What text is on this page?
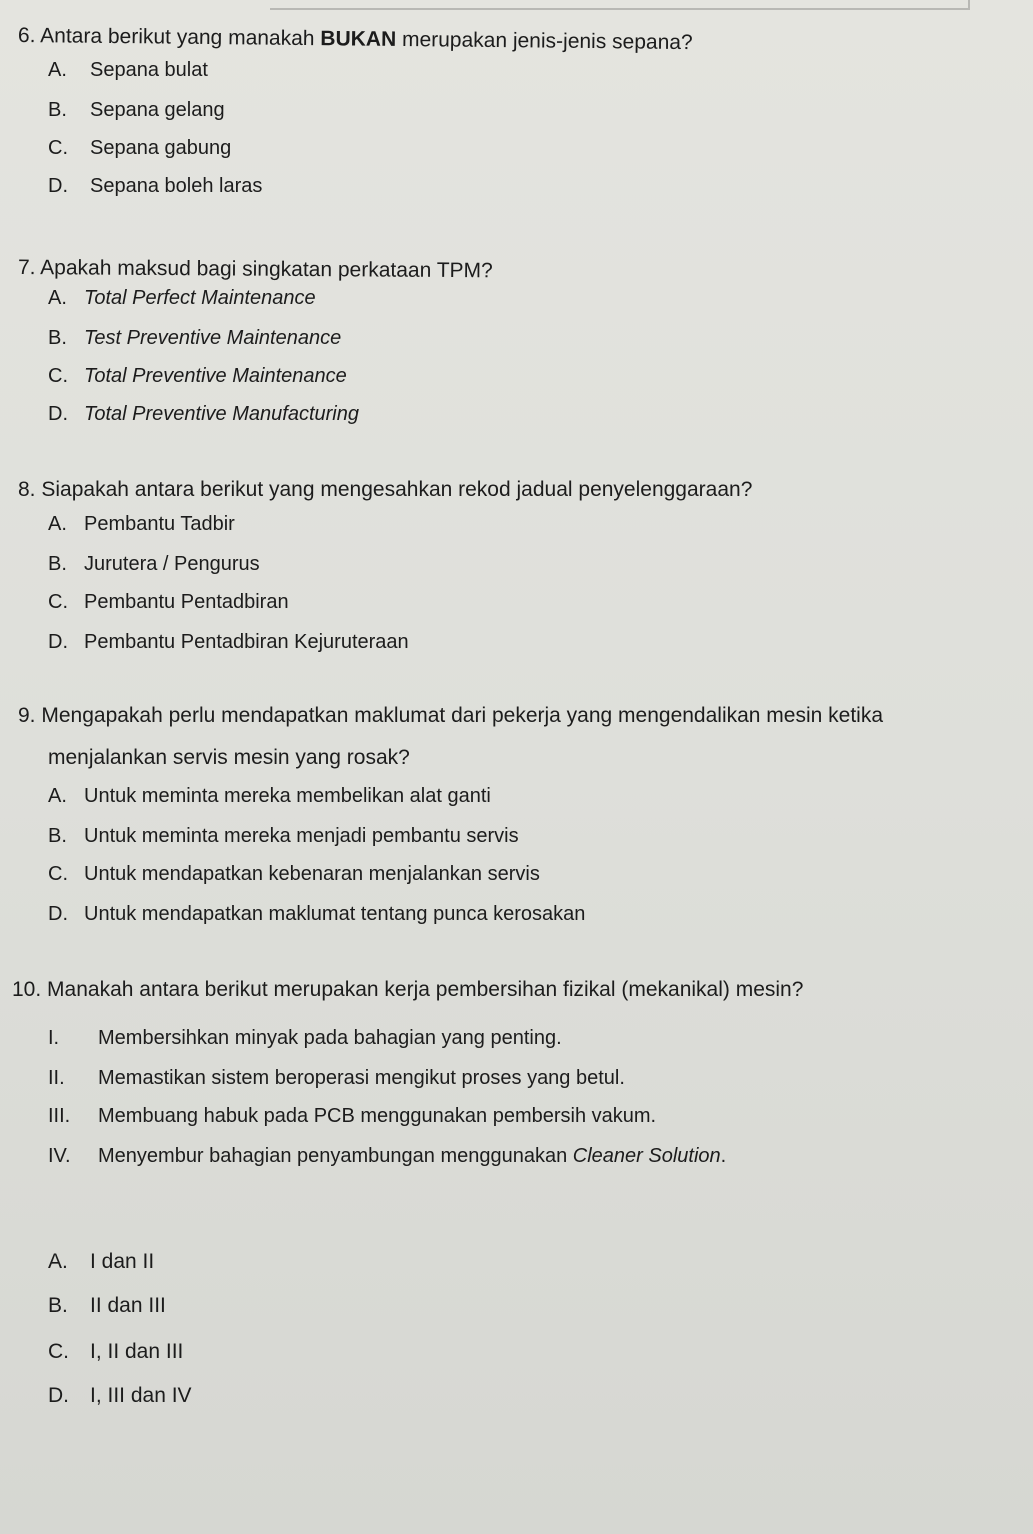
6. Antara berikut yang manakah BUKAN merupakan jenis-jenis sepana?

A. Sepana bulat
B. Sepana gelang
C. Sepana gabung
D. Sepana boleh laras

7. Apakah maksud bagi singkatan perkataan TPM?

A. Total Perfect Maintenance
B. Test Preventive Maintenance
C. Total Preventive Maintenance
D. Total Preventive Manufacturing

8. Siapakah antara berikut yang mengesahkan rekod jadual penyelenggaraan?

A. Pembantu Tadbir
B. Jurutera / Pengurus
C. Pembantu Pentadbiran
D. Pembantu Pentadbiran Kejuruteraan

9. Mengapakah perlu mendapatkan maklumat dari pekerja yang mengendalikan mesin ketika

menjalankan servis mesin yang rosak?

A. Untuk meminta mereka membelikan alat ganti
B. Untuk meminta mereka menjadi pembantu servis
C. Untuk mendapatkan kebenaran menjalankan servis
D. Untuk mendapatkan maklumat tentang punca kerosakan

10. Manakah antara berikut merupakan kerja pembersihan fizikal (mekanikal) mesin?

I. Membersihkan minyak pada bahagian yang penting.
II. Memastikan sistem beroperasi mengikut proses yang betul.
III. Membuang habuk pada PCB menggunakan pembersih vakum.
IV. Menyembur bahagian penyambungan menggunakan Cleaner Solution.
A. I dan II
B. II dan III
C. I, II dan III
D. I, III dan IV
